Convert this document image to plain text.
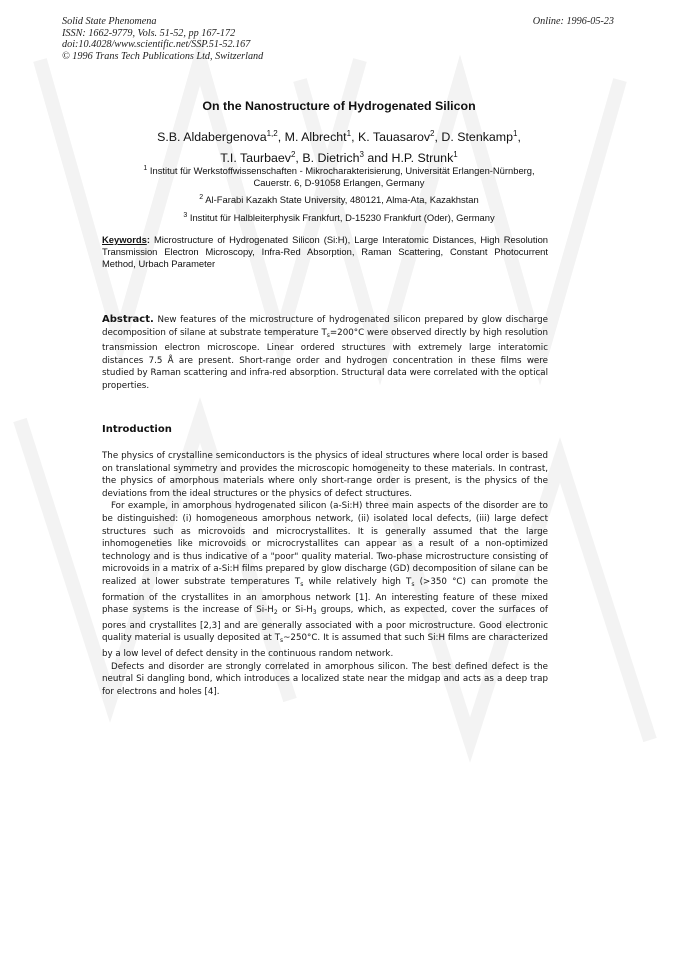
Solid State Phenomena
ISSN: 1662-9779, Vols. 51-52, pp 167-172
doi:10.4028/www.scientific.net/SSP.51-52.167
© 1996 Trans Tech Publications Ltd, Switzerland
Online: 1996-05-23
On the Nanostructure of Hydrogenated Silicon
S.B. Aldabergenova$^{1,2}$, M. Albrecht$^1$, K. Tauasarov$^2$, D. Stenkamp$^1$,
T.I. Taurbaev$^2$, B. Dietrich$^3$ and H.P. Strunk$^1$
$^1$ Institut für Werkstoffwissenschaften - Mikrocharakterisierung, Universität Erlangen-Nürnberg,
Cauerstr. 6, D-91058 Erlangen, Germany
$^2$ Al-Farabi Kazakh State University, 480121, Alma-Ata, Kazakhstan
$^3$ Institut für Halbleiterphysik Frankfurt, D-15230 Frankfurt (Oder), Germany
Keywords: Microstructure of Hydrogenated Silicon (Si:H), Large Interatomic Distances, High Resolution Transmission Electron Microscopy, Infra-Red Absorption, Raman Scattering, Constant Photocurrent Method, Urbach Parameter

Abstract. New features of the microstructure of hydrogenated silicon prepared by glow discharge decomposition of silane at substrate temperature $T_s=200^\circ C$ were observed directly by high resolution transmission electron microscope. Linear ordered structures with extremely large interatomic distances 7.5 Å are present. Short-range order and hydrogen concentration in these films were studied by Raman scattering and infra-red absorption. Structural data were correlated with the optical properties.

Introduction

The physics of crystalline semiconductors is the physics of ideal structures where local order is based on translational symmetry and provides the microscopic homogeneity to these materials. In contrast, the physics of amorphous materials where only short-range order is present, is the physics of the deviations from the ideal structures or the physics of defect structures.

For example, in amorphous hydrogenated silicon (a-Si:H) three main aspects of the disorder are to be distinguished: (i) homogeneous amorphous network, (ii) isolated local defects, (iii) large defect structures such as microvoids and microcrystallites. It is generally assumed that the large inhomogeneties like microvoids or microcrystallites can appear as a result of a non-optimized technology and is thus indicative of a "poor" quality material. Two-phase microstructure consisting of microvoids in a matrix of a-Si:H films prepared by glow discharge (GD) decomposition of silane can be realized at lower substrate temperatures $T_s$ while relatively high $T_s$ (>350 °C) can promote the formation of the crystallites in an amorphous network [1]. An interesting feature of these mixed phase systems is the increase of $Si-H_2$ or $Si-H_3$ groups, which, as expected, cover the surfaces of pores and crystallites [2,3] and are generally associated with a poor microstructure. Good electronic quality material is usually deposited at $T_s\sim 250^\circ C$. It is assumed that such Si:H films are characterized by a low level of defect density in the continuous random network.

Defects and disorder are strongly correlated in amorphous silicon. The best defined defect is the neutral Si dangling bond, which introduces a localized state near the midgap and acts as a deep trap for electrons and holes [4].
